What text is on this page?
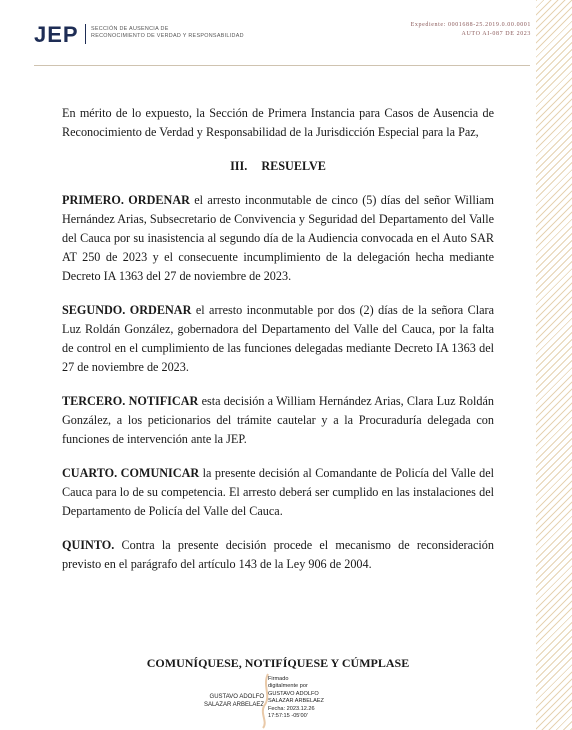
JEP SECCIÓN DE AUSENCIA DE
RECONOCIMIENTO DE VERDAD Y RESPONSABILIDAD
Expediente: 0001688-25.2019.0.00.0001
AUTO AI-087 DE 2023

En mérito de lo expuesto, la Sección de Primera Instancia para Casos de Ausencia de Reconocimiento de Verdad y Responsabilidad de la Jurisdicción Especial para la Paz,

III. RESUELVE

PRIMERO. ORDENAR el arresto inconmutable de cinco (5) días del señor William Hernández Arias, Subsecretario de Convivencia y Seguridad del Departamento del Valle del Cauca por su inasistencia al segundo día de la Audiencia convocada en el Auto SAR AT 250 de 2023 y el consecuente incumplimiento de la delegación hecha mediante Decreto IA 1363 del 27 de noviembre de 2023.

SEGUNDO. ORDENAR el arresto inconmutable por dos (2) días de la señora Clara Luz Roldán González, gobernadora del Departamento del Valle del Cauca, por la falta de control en el cumplimiento de las funciones delegadas mediante Decreto IA 1363 del 27 de noviembre de 2023.

TERCERO. NOTIFICAR esta decisión a William Hernández Arias, Clara Luz Roldán González, a los peticionarios del trámite cautelar y a la Procuraduría delegada con funciones de intervención ante la JEP.

CUARTO. COMUNICAR la presente decisión al Comandante de Policía del Valle del Cauca para lo de su competencia. El arresto deberá ser cumplido en las instalaciones del Departamento de Policía del Valle del Cauca.

QUINTO. Contra la presente decisión procede el mecanismo de reconsideración previsto en el parágrafo del artículo 143 de la Ley 906 de 2004.

COMUNÍQUESE, NOTIFÍQUESE Y CÚMPLASE
GUSTAVO ADOLFO
SALAZAR ARBELAEZ
Firmado
digitalmente por
GUSTAVO ADOLFO
SALAZAR ARBELAEZ
Fecha: 2023.12.26
17:57:15 -05'00'
